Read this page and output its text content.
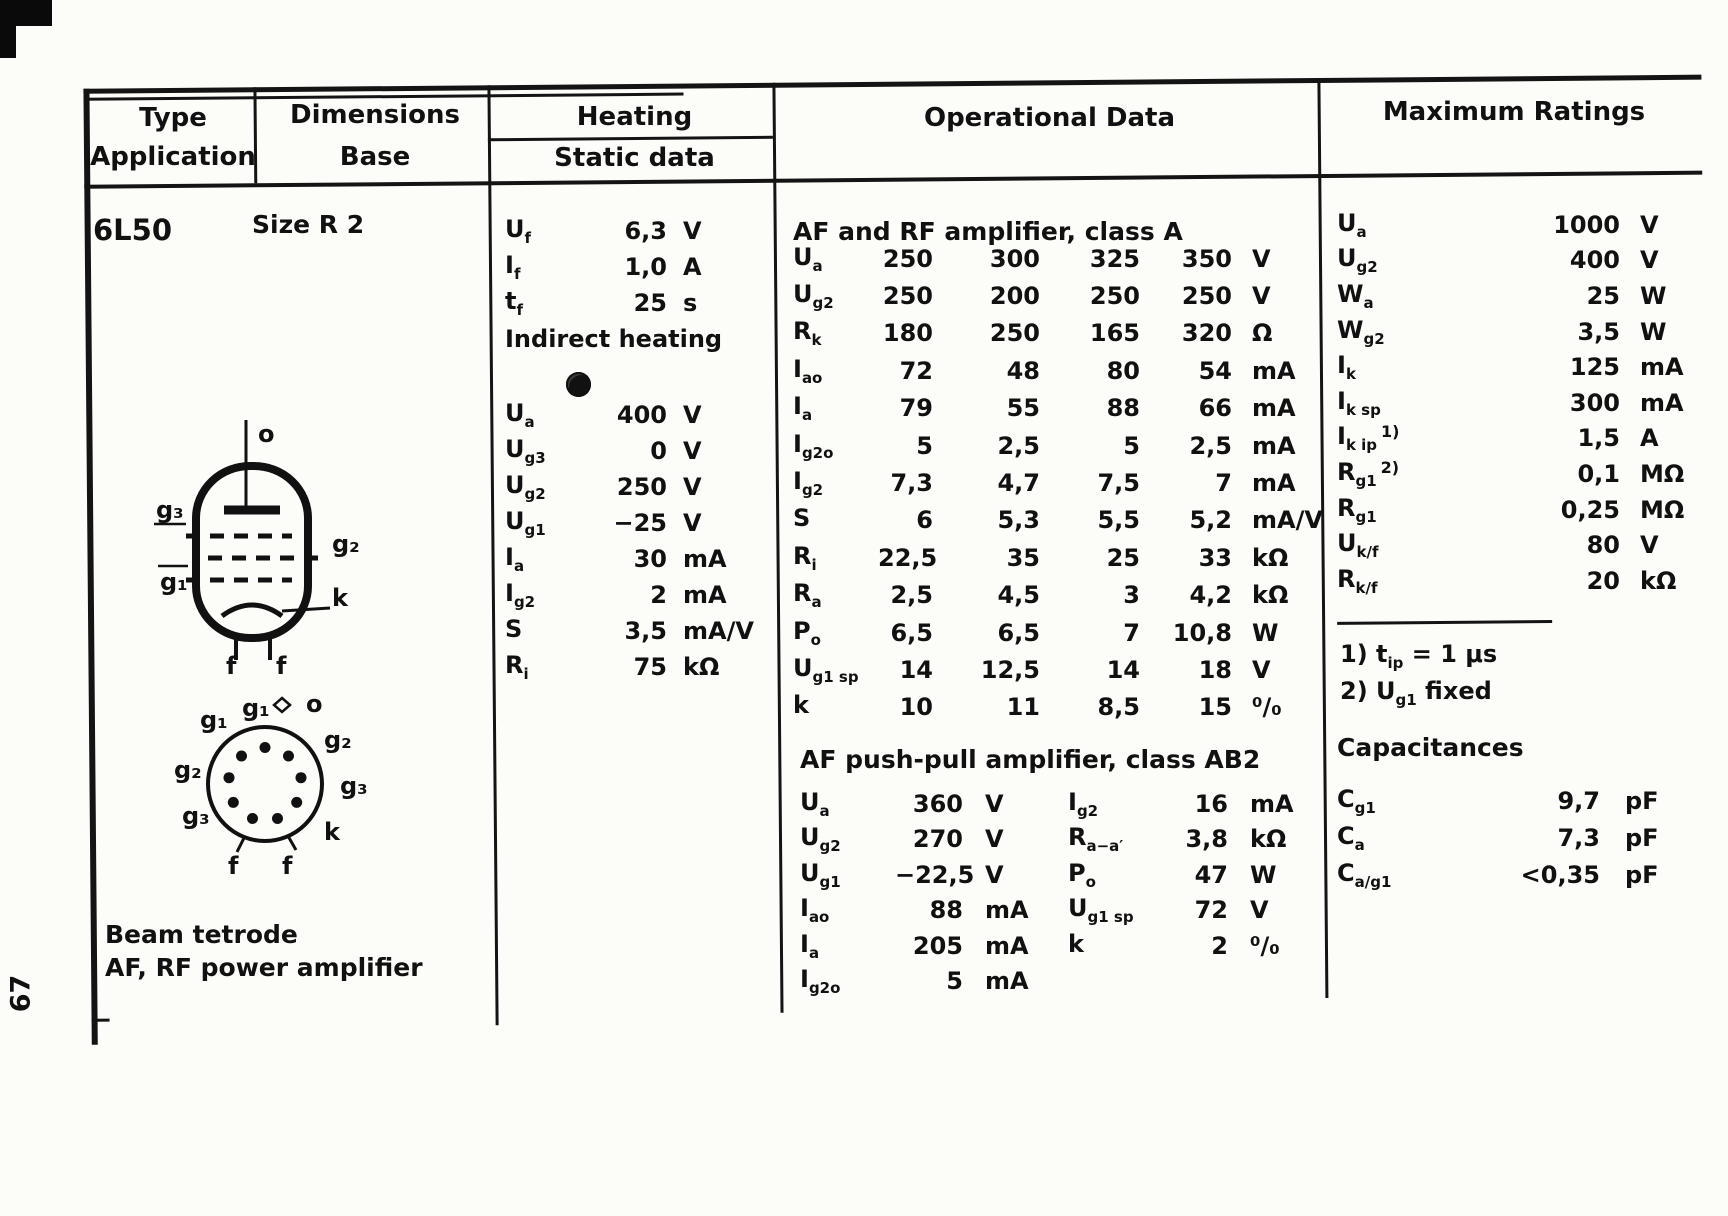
Type
Application
Dimensions
Base
Heating
Static data
Operational Data	Maximum Ratings
6L50	Size R 2
Beam tetrode
AF, RF power amplifier
67
o
g₃
g₂
g₁
k
f f
g₁ g₁ o
g₂
g₃
k
g₂
g₃
f f
$U_f$	6,3 V
$I_f$	1,0 A
$t_f$	25 s
Indirect heating
$U_a$	400 V
$U_{g3}$	0 V
$U_{g2}$	250 V
$U_{g1}$	−25 V
$I_a$	30 mA
$I_{g2}$	2 mA
S	3,5 mA/V
$R_i$	75 kΩ
AF and RF amplifier, class A
$U_a$	250	300	325	350 V
$U_{g2}$	250	200	250	250 V
$R_k$	180	250	165	320 Ω
$I_{ao}$	72	48	80	54 mA
$I_a$	79	55	88	66 mA
$I_{g2o}$	5	2,5	5	2,5 mA
$I_{g2}$	7,3	4,7	7,5	7 mA
S	6	5,3	5,5	5,2 mA/V
$R_i$	22,5	35	25	33 kΩ
$R_a$	2,5	4,5	3	4,2 kΩ
$P_o$	6,5	6,5	7	10,8 W
$U_{g1 sp}$	14	12,5	14	18 V
k	10	11	8,5	15 ⁰/₀
AF push-pull amplifier, class AB2
$U_a$	360 V	$I_{g2}$	16 mA
$U_{g2}$	270 V	$R_{a-a'}$	3,8 kΩ
$U_{g1}$	−22,5 V	$P_o$	47 W
$I_{ao}$	88 mA	$U_{g1 sp}$	72 V
$I_a$	205 mA	k	2 ⁰/₀
$I_{g2o}$	5 mA
$U_a$	1000 V
$U_{g2}$	400 V
$W_a$	25 W
$W_{g2}$	3,5 W
$I_k$	125 mA
$I_{k sp}$	300 mA
$I_{k ip}^{1)}$	1,5 A
$R_{g1}^{2)}$	0,1 MΩ
$R_{g1}$	0,25 MΩ
$U_{k/f}$	80 V
$R_{k/f}$	20 kΩ
1) $t_{ip} = 1$ μs
2) $U_{g1}$ fixed
Capacitances
$C_{g1}$	9,7	pF
$C_a$	7,3	pF
$C_{a/g1}$	<0,35	pF
